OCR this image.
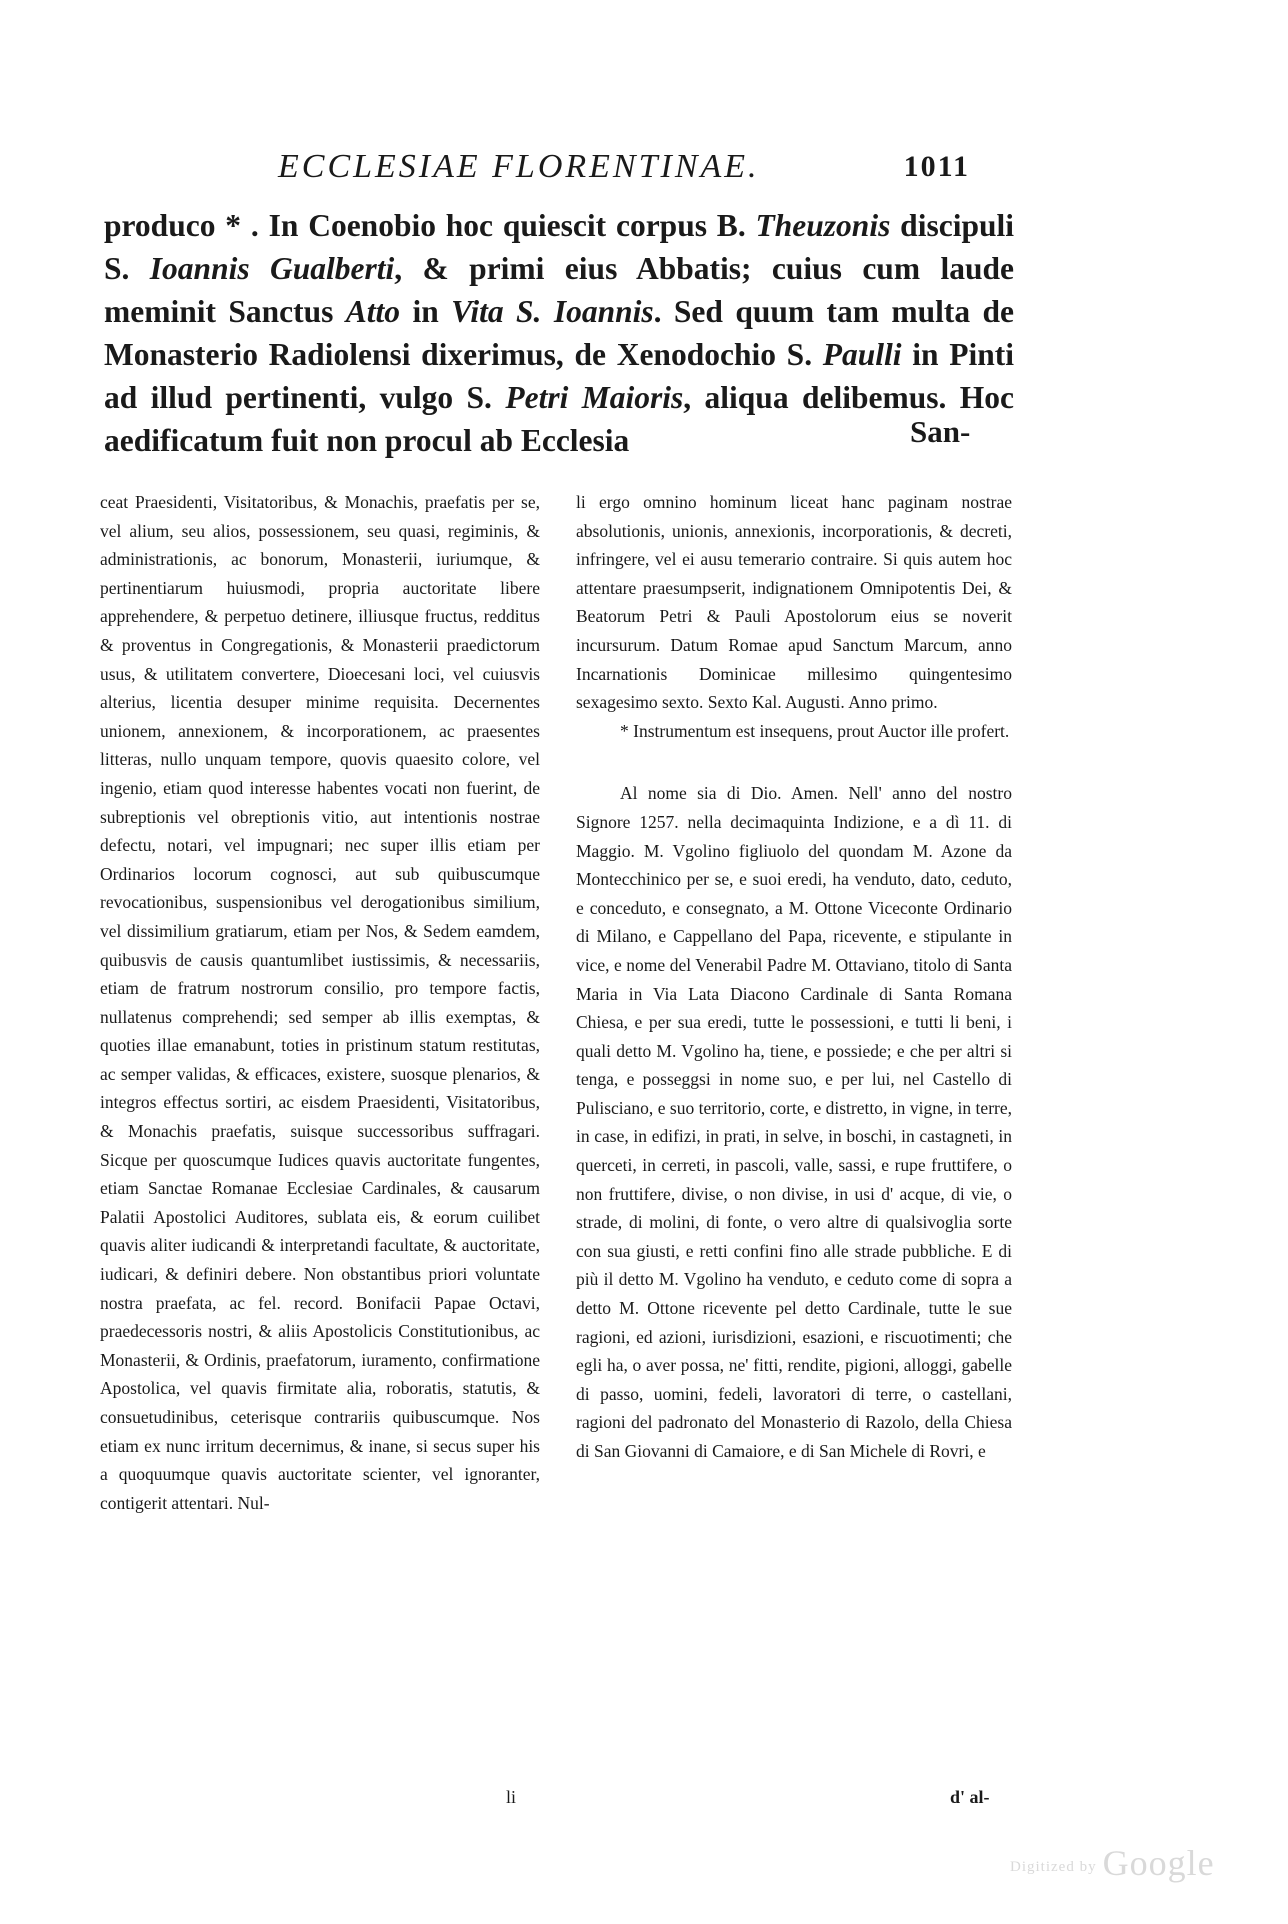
ECCLESIAE FLORENTINAE.	1011

produco * . In Coenobio hoc quiescit corpus B. Theuzonis discipuli S. Ioannis Gualberti, & primi eius Abbatis; cuius cum laude meminit Sanctus Atto in Vita S. Ioannis. Sed quum tam multa de Monasterio Radiolensi dixerimus, de Xenodochio S. Paulli in Pinti ad illud pertinenti, vulgo S. Petri Maioris, aliqua delibemus. Hoc aedificatum fuit non procul ab Ecclesia	San-

ceat Praesidenti, Visitatoribus, & Monachis, praefatis per se, vel alium, seu alios, possessionem, seu quasi, regiminis, & administrationis, ac bonorum, Monasterii, iuriumque, & pertinentiarum huiusmodi, propria auctoritate libere apprehendere, & perpetuo detinere, illiusque fructus, redditus & proventus in Congregationis, & Monasterii praedictorum usus, & utilitatem convertere, Dioecesani loci, vel cuiusvis alterius, licentia desuper minime requisita. Decernentes unionem, annexionem, & incorporationem, ac praesentes litteras, nullo unquam tempore, quovis quaesito colore, vel ingenio, etiam quod interesse habentes vocati non fuerint, de subreptionis vel obreptionis vitio, aut intentionis nostrae defectu, notari, vel impugnari; nec super illis etiam per Ordinarios locorum cognosci, aut sub quibuscumque revocationibus, suspensionibus vel derogationibus similium, vel dissimilium gratiarum, etiam per Nos, & Sedem eamdem, quibusvis de causis quantumlibet iustissimis, & necessariis, etiam de fratrum nostrorum consilio, pro tempore factis, nullatenus comprehendi; sed semper ab illis exemptas, & quoties illae emanabunt, toties in pristinum statum restitutas, ac semper validas, & efficaces, existere, suosque plenarios, & integros effectus sortiri, ac eisdem Praesidenti, Visitatoribus, & Monachis praefatis, suisque successoribus suffragari. Sicque per quoscumque Iudices quavis auctoritate fungentes, etiam Sanctae Romanae Ecclesiae Cardinales, & causarum Palatii Apostolici Auditores, sublata eis, & eorum cuilibet quavis aliter iudicandi & interpretandi facultate, & auctoritate, iudicari, & definiri debere. Non obstantibus priori voluntate nostra praefata, ac fel. record. Bonifacii Papae Octavi, praedecessoris nostri, & aliis Apostolicis Constitutionibus, ac Monasterii, & Ordinis, praefatorum, iuramento, confirmatione Apostolica, vel quavis firmitate alia, roboratis, statutis, & consuetudinibus, ceterisque contrariis quibuscumque. Nos etiam ex nunc irritum decernimus, & inane, si secus super his a quoquumque quavis auctoritate scienter, vel ignoranter, contigerit attentari. Nul-

li

li ergo omnino hominum liceat hanc paginam nostrae absolutionis, unionis, annexionis, incorporationis, & decreti, infringere, vel ei ausu temerario contraire. Si quis autem hoc attentare praesumpserit, indignationem Omnipotentis Dei, & Beatorum Petri & Pauli Apostolorum eius se noverit incursurum. Datum Romae apud Sanctum Marcum, anno Incarnationis Dominicae millesimo quingentesimo sexagesimo sexto. Sexto Kal. Augusti. Anno primo.

* Instrumentum est insequens, prout Auctor ille profert.

Al nome sia di Dio. Amen. Nell' anno del nostro Signore 1257. nella decimaquinta Indizione, e a dì 11. di Maggio. M. Vgolino figliuolo del quondam M. Azone da Montecchinico per se, e suoi eredi, ha venduto, dato, ceduto, e conceduto, e consegnato, a M. Ottone Viceconte Ordinario di Milano, e Cappellano del Papa, ricevente, e stipulante in vice, e nome del Venerabil Padre M. Ottaviano, titolo di Santa Maria in Via Lata Diacono Cardinale di Santa Romana Chiesa, e per sua eredi, tutte le possessioni, e tutti li beni, i quali detto M. Vgolino ha, tiene, e possiede; e che per altri si tenga, e posseggsi in nome suo, e per lui, nel Castello di Pulisciano, e suo territorio, corte, e distretto, in vigne, in terre, in case, in edifizi, in prati, in selve, in boschi, in castagneti, in querceti, in cerreti, in pascoli, valle, sassi, e rupe fruttifere, o non fruttifere, divise, o non divise, in usi d' acque, di vie, o strade, di molini, di fonte, o vero altre di qualsivoglia sorte con sua giusti, e retti confini fino alle strade pubbliche. E di più il detto M. Vgolino ha venduto, e ceduto come di sopra a detto M. Ottone ricevente pel detto Cardinale, tutte le sue ragioni, ed azioni, iurisdizioni, esazioni, e riscuotimenti; che egli ha, o aver possa, ne' fitti, rendite, pigioni, alloggi, gabelle di passo, uomini, fedeli, lavoratori di terre, o castellani, ragioni del padronato del Monasterio di Razolo, della Chiesa di San Giovanni di Camaiore, e di San Michele di Rovri, e

d' al-
Digitized by Google
